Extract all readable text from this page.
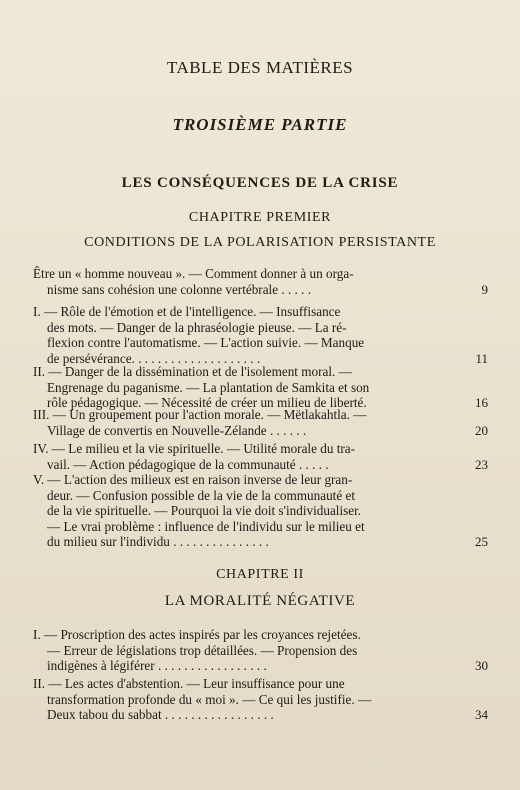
TABLE DES MATIÈRES
TROISIÈME PARTIE
LES CONSÉQUENCES DE LA CRISE
CHAPITRE PREMIER
CONDITIONS DE LA POLARISATION PERSISTANTE
Être un « homme nouveau ». — Comment donner à un orga-
nisme sans cohésion une colonne vertébrale . . . . .	9
I. — Rôle de l'émotion et de l'intelligence. — Insuffisance
des mots. — Danger de la phraséologie pieuse. — La ré-
flexion contre l'automatisme. — L'action suivie. — Manque
de persévérance. . . . . . . . . . . . . . . . . . . .	11
II. — Danger de la dissémination et de l'isolement moral. —
Engrenage du paganisme. — La plantation de Samkita et son
rôle pédagogique. — Nécessité de créer un milieu de liberté.	16
III. — Un groupement pour l'action morale. — Mëtlakahtla. —
Village de convertis en Nouvelle-Zélande . . . . . .	20
IV. — Le milieu et la vie spirituelle. — Utilité morale du tra-
vail. — Action pédagogique de la communauté . . . . .	23
V. — L'action des milieux est en raison inverse de leur gran-
deur. — Confusion possible de la vie de la communauté et
de la vie spirituelle. — Pourquoi la vie doit s'individualiser.
— Le vrai problème : influence de l'individu sur le milieu et
du milieu sur l'individu . . . . . . . . . . . . . . .	25
CHAPITRE II
LA MORALITÉ NÉGATIVE
I. — Proscription des actes inspirés par les croyances rejetées.
— Erreur de législations trop détaillées. — Propension des
indigènes à légiférer . . . . . . . . . . . . . . . . .	30
II. — Les actes d'abstention. — Leur insuffisance pour une
transformation profonde du « moi ». — Ce qui les justifie. —
Deux tabou du sabbat . . . . . . . . . . . . . . . . .	34
